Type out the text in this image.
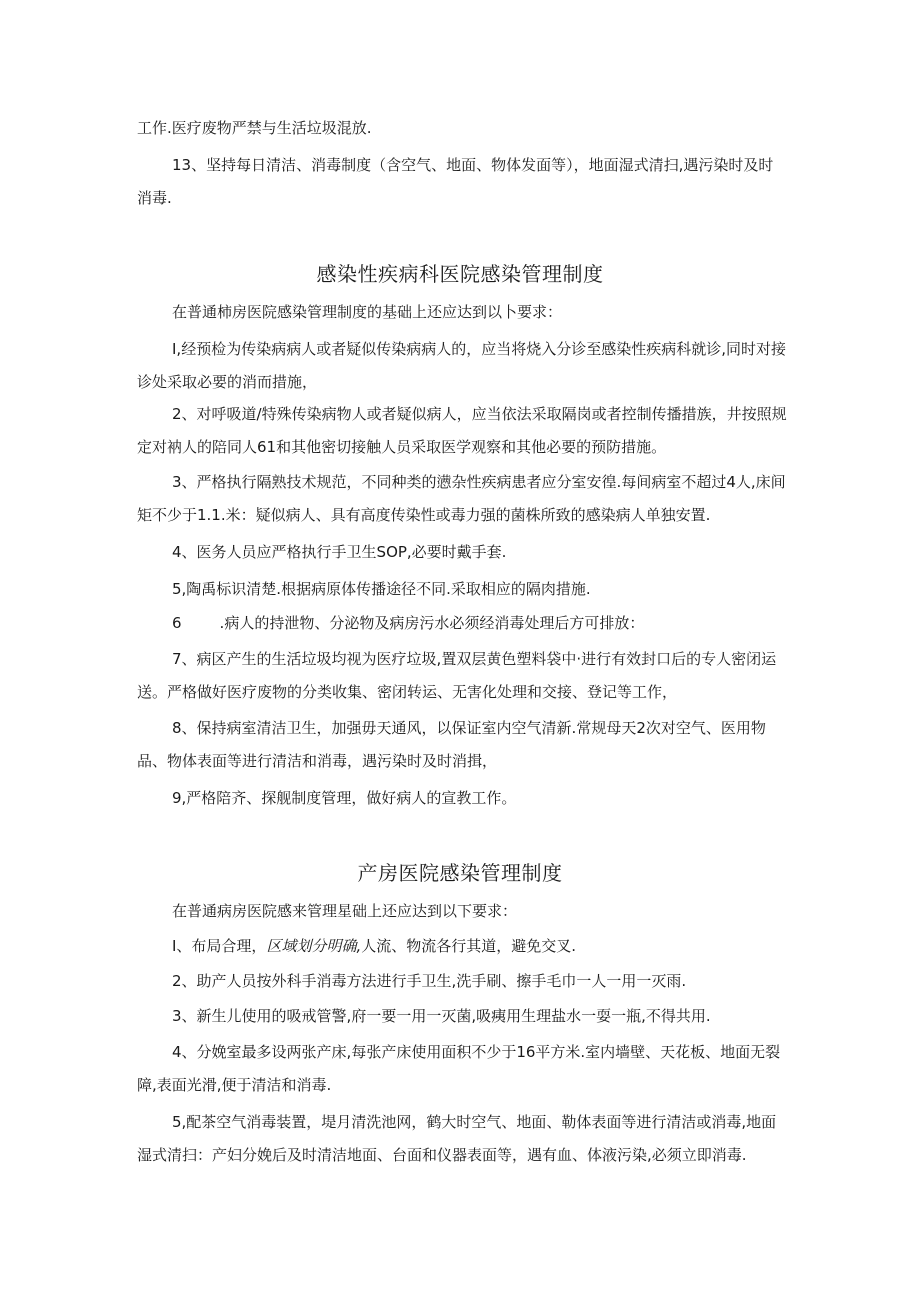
工作.医疗废物严禁与生活垃圾混放.

13、坚持每日清洁、消毒制度（含空气、地面、物体发面等），地面湿式清扫,遇污染时及时消毒.

感染性疾病科医院感染管理制度

在普通柿房医院感染管理制度的基础上还应达到以卜要求：

I,经预检为传染病病人或者疑似传染病病人的，应当将烧入分诊至感染性疾病科就诊,同时对接诊处采取必要的消而措施，

2、对呼吸道/特殊传染病物人或者疑似病人，应当依法采取隔岗或者控制传播措族，井按照规定对衲人的陪同人61和其他密切接触人员采取医学观察和其他必要的预防措施。

3、严格执行隔熟技术规范，不同种类的懑杂性疾病患者应分室安徨.每间病室不超过4人,床间矩不少于1.1.米：疑似病人、具有高度传染性或毒力强的菌株所致的感染病人单独安置.

4、医务人员应严格执行手卫生SOP,必要时戴手套.

5,陶禹标识清楚.根据病原体传播途径不同.采取相应的隔肉措施.

6	.病人的持泄物、分泌物及病房污水必须经消毒处理后方可排放：

7、病区产生的生活垃圾均视为医疗垃圾,置双层黄色塑料袋中·进行有效封口后的专人密闭运送。严格做好医疗废物的分类收集、密闭转运、无害化处理和交接、登记等工作，

8、保持病室清洁卫生，加强毋天通风，以保证室内空气清新.常规母天2次对空气、医用物品、物体表面等进行清洁和消毒，遇污染时及时消揖，

9,严格陪齐、探舰制度管理，做好病人的宣教工作。

产房医院感染管理制度

在普通病房医院感来管理星础上还应达到以下要求：

I、布局合理，区域划分明确,人流、物流各行其道，避免交叉.

2、助产人员按外科手消毒方法进行手卫生,洗手刷、擦手毛巾一人一用一灭雨.

3、新生儿使用的吸戒管警,府一要一用一灭菌,吸痍用生理盐水一耍一瓶,不得共用.

4、分娩室最多设两张产床,每张产床使用面积不少于16平方米.室内墙壁、天花板、地面无裂障,表面光滑,便于清洁和消毒.

5,配茶空气消毒装置，堤月清洗池网，鹤大时空气、地面、勒体表面等进行清洁或消毒,地面湿式清扫：产妇分娩后及时清洁地面、台面和仪器表面等，遇有血、体液污染,必须立即消毒.
